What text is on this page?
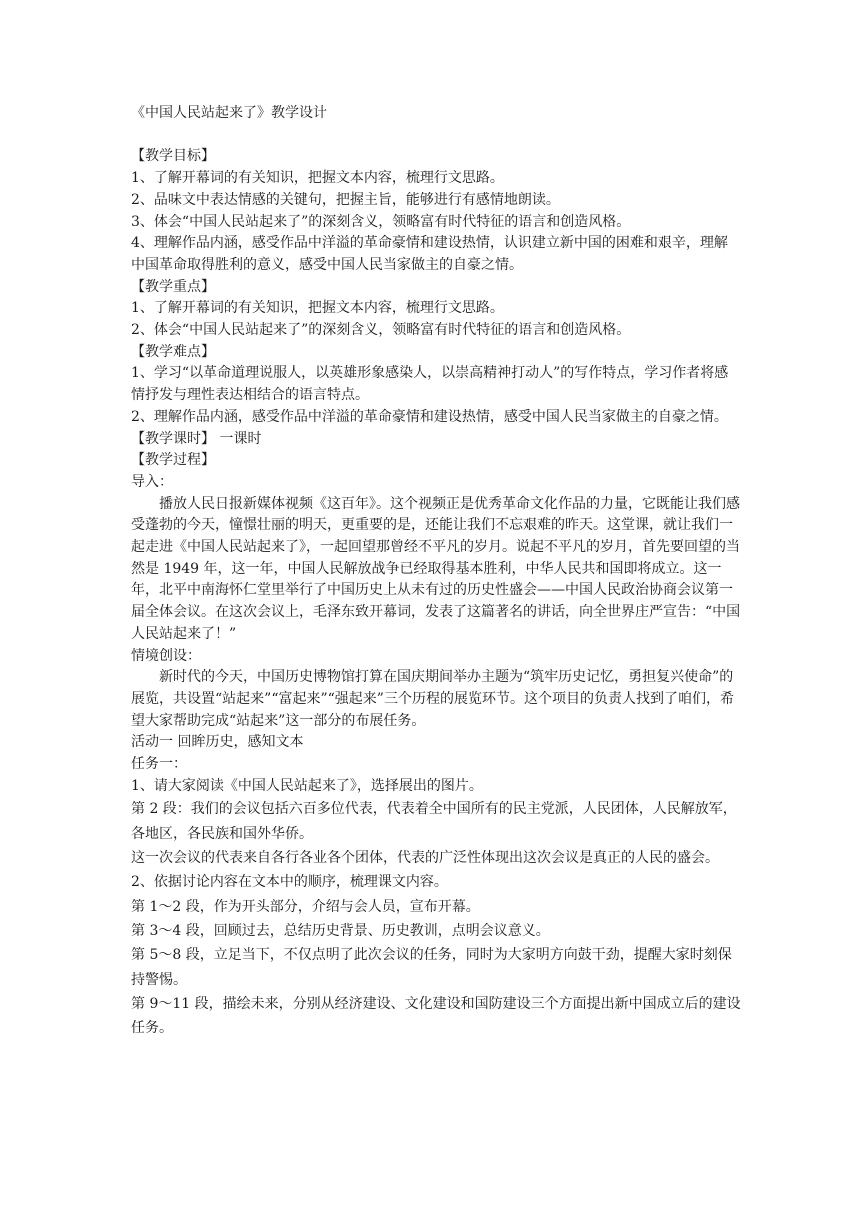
《中国人民站起来了》教学设计

【教学目标】

1、了解开幕词的有关知识，把握文本内容，梳理行文思路。

2、品味文中表达情感的关键句，把握主旨，能够进行有感情地朗读。

3、体会“中国人民站起来了”的深刻含义，领略富有时代特征的语言和创造风格。

4、理解作品内涵，感受作品中洋溢的革命豪情和建设热情，认识建立新中国的困难和艰辛，理解中国革命取得胜利的意义，感受中国人民当家做主的自豪之情。

【教学重点】

1、了解开幕词的有关知识，把握文本内容，梳理行文思路。

2、体会“中国人民站起来了”的深刻含义，领略富有时代特征的语言和创造风格。

【教学难点】

1、学习“以革命道理说服人，以英雄形象感染人，以崇高精神打动人”的写作特点，学习作者将感情抒发与理性表达相结合的语言特点。

2、理解作品内涵，感受作品中洋溢的革命豪情和建设热情，感受中国人民当家做主的自豪之情。

【教学课时】 一课时

【教学过程】

导入：

播放人民日报新媒体视频《这百年》。这个视频正是优秀革命文化作品的力量，它既能让我们感受蓬勃的今天，憧憬壮丽的明天，更重要的是，还能让我们不忘艰难的昨天。这堂课，就让我们一起走进《中国人民站起来了》，一起回望那曾经不平凡的岁月。说起不平凡的岁月，首先要回望的当然是 1949 年，这一年，中国人民解放战争已经取得基本胜利，中华人民共和国即将成立。这一年，北平中南海怀仁堂里举行了中国历史上从未有过的历史性盛会——中国人民政治协商会议第一届全体会议。在这次会议上，毛泽东致开幕词，发表了这篇著名的讲话，向全世界庄严宣告：“中国人民站起来了！”

情境创设：

新时代的今天，中国历史博物馆打算在国庆期间举办主题为“筑牢历史记忆，勇担复兴使命”的展览，共设置“站起来”“富起来”“强起来”三个历程的展览环节。这个项目的负责人找到了咱们，希望大家帮助完成“站起来”这一部分的布展任务。

活动一 回眸历史，感知文本

任务一：

1、请大家阅读《中国人民站起来了》，选择展出的图片。

第 2 段：我们的会议包括六百多位代表，代表着全中国所有的民主党派，人民团体，人民解放军，各地区，各民族和国外华侨。

这一次会议的代表来自各行各业各个团体，代表的广泛性体现出这次会议是真正的人民的盛会。

2、依据讨论内容在文本中的顺序，梳理课文内容。

第 1～2 段，作为开头部分，介绍与会人员，宣布开幕。

第 3～4 段，回顾过去，总结历史背景、历史教训，点明会议意义。

第 5～8 段，立足当下，不仅点明了此次会议的任务，同时为大家明方向鼓干劲，提醒大家时刻保持警惕。

第 9～11 段，描绘未来，分别从经济建设、文化建设和国防建设三个方面提出新中国成立后的建设任务。
